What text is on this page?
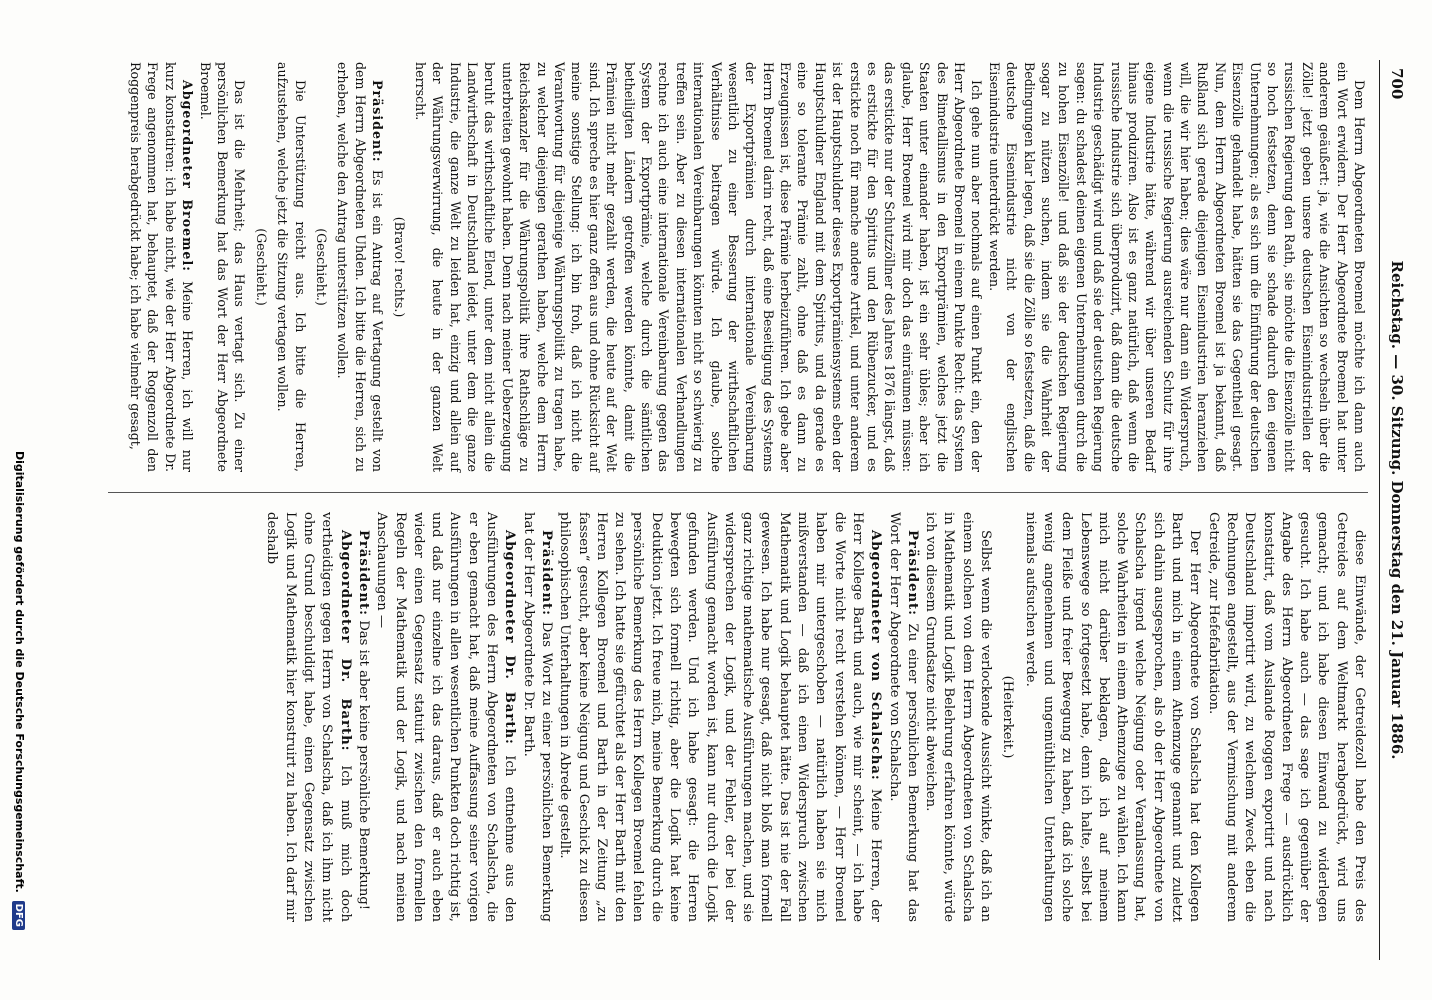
700
Reichstag. — 30. Sitzung. Donnerstag den 21. Januar 1886.

Dem Herrn Abgeordneten Broemel möchte ich dann auch ein Wort erwidern. Der Herr Abgeordnete Broemel hat unter anderem geäußert: ja, wie die Ansichten so wechseln über die Zölle! jetzt geben unsere deutschen Eisenindustriellen der russischen Regierung den Rath, sie möchte die Eisenzölle nicht so hoch festsetzen, denn sie schade dadurch den eigenen Unternehmungen; als es sich um die Einführung der deutschen Eisenzölle gehandelt habe, hätten sie das Gegentheil gesagt. Nun, dem Herrn Abgeordneten Broemel ist ja bekannt, daß Rußland sich gerade diejenigen Eisenindustrien heranziehen will, die wir hier haben; dies wäre nur dann ein Widerspruch, wenn die russische Regierung ausreichenden Schutz für ihre eigene Industrie hätte, während wir über unseren Bedarf hinaus produziren. Also ist es ganz natürlich, daß wenn die russische Industrie sich überproduzirt, daß dann die deutsche Industrie geschädigt wird und daß sie der deutschen Regierung sagen: du schadest deinen eigenen Unternehmungen durch die zu hohen Eisenzölle! und daß sie der deutschen Regierung sogar zu nützen suchen, indem sie die Wahrheit der Bedingungen klar legen, daß sie die Zölle so festsetzen, daß die deutsche Eisenindustrie nicht von der englischen Eisenindustrie unterdrückt werden.

Ich gehe nun aber nochmals auf einen Punkt ein, den der Herr Abgeordnete Broemel in einem Punkte Recht: das System des Bimetallismus in den Exportprämien, welches jetzt die Staaten unter einander haben, ist ein sehr übles; aber ich glaube, Herr Broemel wird mir doch das einräumen müssen: das erstickte nur der Schutzzöllner des Jahres 1876 längst, daß es erstickte für den Spiritus und den Rübenzucker, und es erstickte noch für manche andere Artikel, und unter anderem ist der Hauptschuldner dieses Exportprämiensystems eben der Hauptschuldner England mit dem Spiritus, und da gerade es eine so tolerante Prämie zahlt, ohne daß es dann zu Erzeugnissen ist, diese Prämie herbeizuführen. Ich gebe aber Herrn Broemel darin recht, daß eine Beseitigung des Systems der Exportprämien durch internationale Vereinbarung wesentlich zu einer Besserung der wirthschaftlichen Verhältnisse beitragen würde. Ich glaube, solche internationalen Vereinbarungen könnten nicht so schwierig zu treffen sein. Aber zu diesen internationalen Verhandlungen rechne ich auch eine internationale Vereinbarung gegen das System der Exportprämie, welche durch die sämtlichen betheiligten Ländern getroffen werden könnte, damit die Prämien nicht mehr gezahlt werden, die heute auf der Welt sind. Ich spreche es hier ganz offen aus und ohne Rücksicht auf meine sonstige Stellung: ich bin froh, daß ich nicht die Verantwortung für diejenige Währungspolitik zu tragen habe, zu welcher diejenigen gerathen haben, welche dem Herrn Reichskanzler für die Währungspolitik ihre Rathschläge zu unterbreiten gewohnt haben. Denn nach meiner Ueberzeugung beruht das wirthschaftliche Elend, unter dem nicht allein die Landwirthschaft in Deutschland leidet, unter dem die ganze Industrie, die ganze Welt zu leiden hat, einzig und allein auf der Währungsverwirrung, die heute in der ganzen Welt herrscht.

(Bravo! rechts.)

Präsident: Es ist ein Antrag auf Vertagung gestellt von dem Herrn Abgeordneten Uhden. Ich bitte die Herren, sich zu erheben, welche den Antrag unterstützen wollen.

(Geschieht.)

Die Unterstützung reicht aus. Ich bitte die Herren, aufzustehen, welche jetzt die Sitzung vertagen wollen.

(Geschieht.)

Das ist die Mehrheit; das Haus vertagt sich. Zu einer persönlichen Bemerkung hat das Wort der Herr Abgeordnete Broemel.

Abgeordneter Broemel: Meine Herren, ich will nur kurz konstatiren: ich habe nicht, wie der Herr Abgeordnete Dr. Frege angenommen hat, behauptet, daß der Roggenzoll den Roggenpreis herabgedrückt habe; ich habe vielmehr gesagt,

diese Einwände, der Getreidezoll habe den Preis des Getreides auf dem Weltmarkt herabgedrückt, wird uns gemacht; und ich habe diesen Einwand zu widerlegen gesucht. Ich habe auch — das sage ich gegenüber der Angabe des Herrn Abgeordneten Frege — ausdrücklich konstatirt, daß vom Auslande Roggen exportirt und nach Deutschland importirt wird, zu welchem Zweck eben die Rechnungen angestellt, aus der Vermischung mit anderem Getreide, zur Hefefabrikation.

Der Herr Abgeordnete von Schalscha hat den Kollegen Barth und mich in einem Athemzuge genannt und zuletzt sich dahin ausgesprochen, als ob der Herr Abgeordnete von Schalscha irgend welche Neigung oder Veranlassung hat, solche Wahrheiten in einem Athemzuge zu wählen. Ich kann mich nicht darüber beklagen, daß ich auf meinem Lebenswege so fortgesetzt habe, denn ich halte, selbst bei dem Fleiße und freier Bewegung zu haben, daß ich solche wenig angenehmen und ungemüthlichen Unterhaltungen niemals aufsuchen werde.

(Heiterkeit.)

Selbst wenn die verlockende Aussicht winkte, daß ich an einem solchen von dem Herrn Abgeordneten von Schalscha in Mathematik und Logik Belehrung erfahren könnte, würde ich von diesem Grundsatze nicht abweichen.

Präsident: Zu einer persönlichen Bemerkung hat das Wort der Herr Abgeordnete von Schalscha.

Abgeordneter von Schalscha: Meine Herren, der Herr Kollege Barth und auch, wie mir scheint, — ich habe die Worte nicht recht verstehen können, — Herr Broemel haben mir untergeschoben — natürlich haben sie mich mißverstanden — daß ich einen Widerspruch zwischen Mathematik und Logik behauptet hätte. Das ist nie der Fall gewesen. Ich habe nur gesagt, daß nicht bloß man formell ganz richtige mathematische Ausführungen machen, und sie widersprechen der Logik, und der Fehler, der bei der Ausführung gemacht worden ist, kann nur durch die Logik gefunden werden. Und ich habe gesagt: die Herren bewegten sich formell richtig, aber die Logik hat keine Deduktion jetzt. Ich freue mich, meine Bemerkung durch die persönliche Bemerkung des Herrn Kollegen Broemel fehlen zu sehen. Ich hatte sie gefürchtet als der Herr Barth mit den Herren Kollegen Broemel und Barth in der Zeitung „zu fassen“ gesucht, aber keine Neigung und Geschick zu diesen philosophischen Unterhaltungen in Abrede gestellt.

Präsident: Das Wort zu einer persönlichen Bemerkung hat der Herr Abgeordnete Dr. Barth.

Abgeordneter Dr. Barth: Ich entnehme aus den Ausführungen des Herrn Abgeordneten von Schalscha, die er eben gemacht hat, daß meine Auffassung seiner vorigen Ausführungen in allen wesentlichen Punkten doch richtig ist, und daß nur einzelne ich das daraus, daß er auch eben wieder einen Gegensatz statuirt zwischen den formellen Regeln der Mathematik und der Logik, und nach meinen Anschauungen —

Präsident: Das ist aber keine persönliche Bemerkung!

Abgeordneter Dr. Barth: Ich muß mich doch vertheidigen gegen Herrn von Schalscha, daß ich ihm nicht ohne Grund beschuldigt habe, einen Gegensatz zwischen Logik und Mathematik hier konstruirt zu haben. Ich darf mir deshalb

Digitalisierung gefördert durch die Deutsche Forschungsgemeinschaft. DFG
